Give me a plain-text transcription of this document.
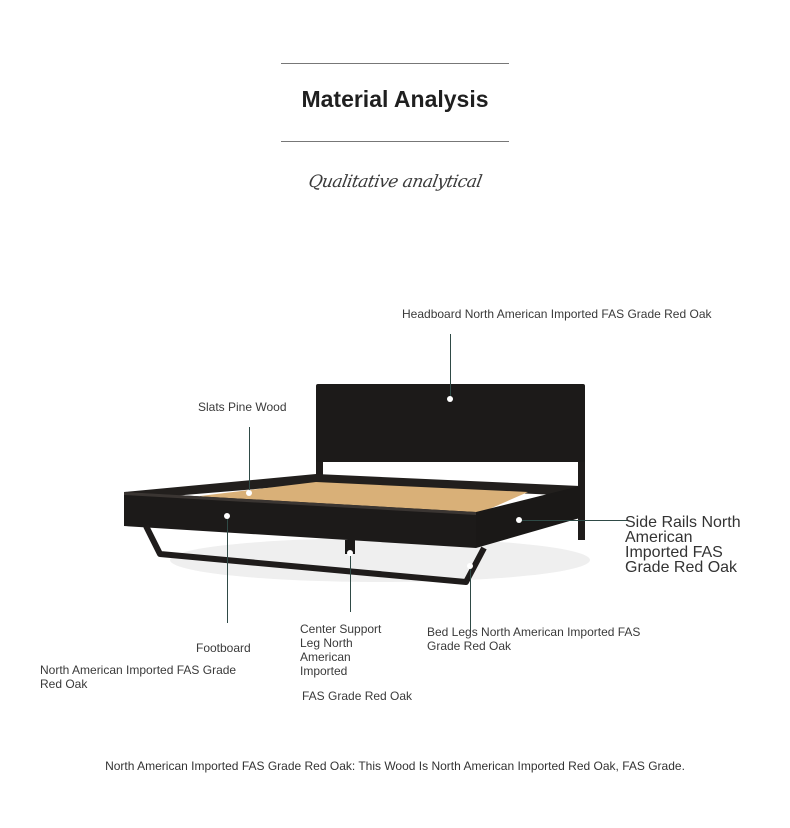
Material Analysis
Qualitative analytical
Headboard North American Imported FAS Grade Red Oak
Slats Pine Wood
Side Rails North American Imported FAS Grade Red Oak
Footboard
North American Imported FAS Grade Red Oak
Center Support Leg North American Imported
FAS Grade Red Oak
Bed Legs North American Imported FAS Grade Red Oak
North American Imported FAS Grade Red Oak: This Wood Is North American Imported Red Oak, FAS Grade.
